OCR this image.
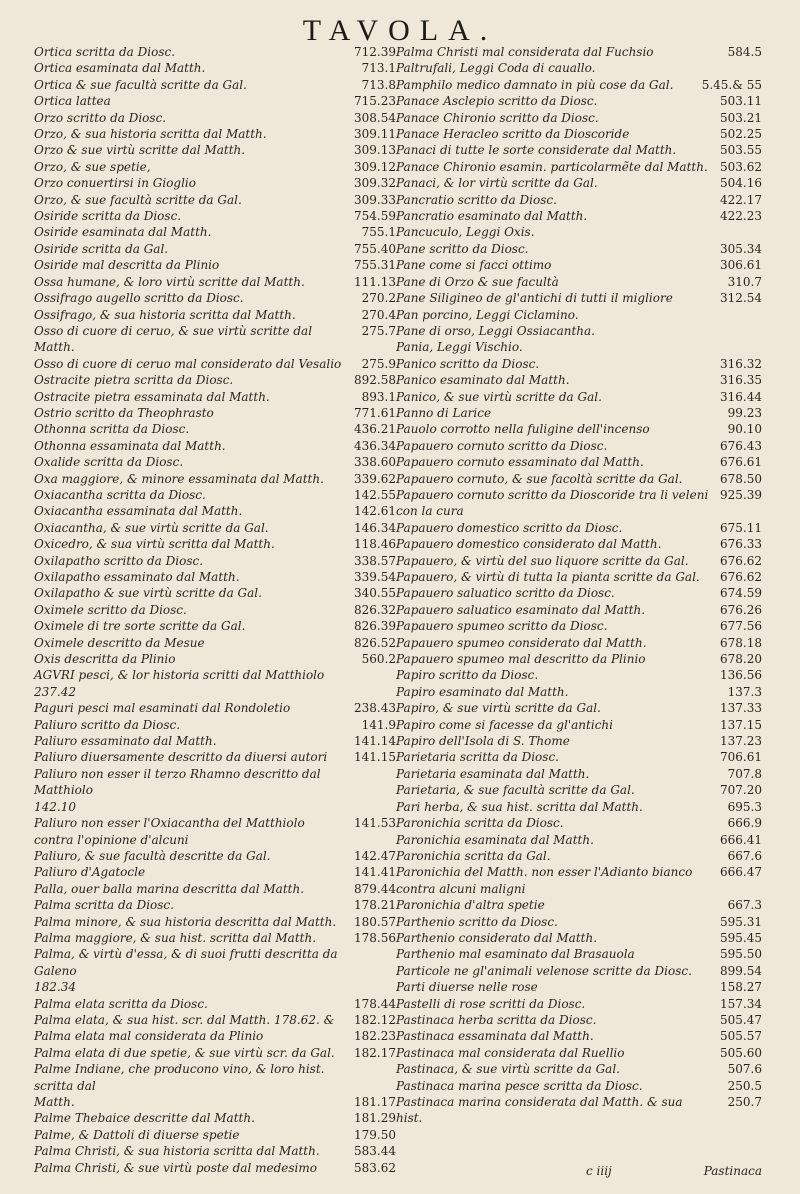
TAVOLA.
Ortica scritta da Diosc.	712.39
Ortica esaminata dal Matth.	713.1
Ortica & sue facultà scritte da Gal.	713.8
Ortica lattea	715.23
Orzo scritto da Diosc.	308.54
Orzo, & sua historia scritta dal Matth.	309.11
Orzo & sue virtù scritte dal Matth.	309.13
Orzo, & sue spetie,	309.12
Orzo conuertirsi in Gioglio	309.32
Orzo, & sue facultà scritte da Gal.	309.33
Osiride scritta da Diosc.	754.59
Osiride esaminata dal Matth.	755.1
Osiride scritta da Gal.	755.40
Osiride mal descritta da Plinio	755.31
Ossa humane, & loro virtù scritte dal Matth.	111.13
Ossifrago augello scritto da Diosc.	270.2
Ossifrago, & sua historia scritta dal Matth.	270.4
Osso di cuore di ceruo, & sue virtù scritte dal Matth.
275.7
Osso di cuore di ceruo mal considerato dal Vesalio	275.9
Ostracite pietra scritta da Diosc.	892.58
Ostracite pietra essaminata dal Matth.	893.1
Ostrio scritto da Theophrasto	771.61
Othonna scritta da Diosc.	436.21
Othonna essaminata dal Matth.	436.34
Oxalide scritta da Diosc.	338.60
Oxa maggiore, & minore essaminata dal Matth.	339.62
Oxiacantha scritta da Diosc.	142.55
Oxiacantha essaminata dal Matth.	142.61
Oxiacantha, & sue virtù scritte da Gal.	146.34
Oxicedro, & sua virtù scritta dal Matth.	118.46
Oxilapatho scritto da Diosc.	338.57
Oxilapatho essaminato dal Matth.	339.54
Oxilapatho & sue virtù scritte da Gal.	340.55
Oximele scritto da Diosc.	826.32
Oximele di tre sorte scritte da Gal.	826.39
Oximele descritto da Mesue	826.52
Oxis descritta da Plinio	560.2
AGVRI pesci, & lor historia scritti dal Matthiolo
237.42
Paguri pesci mal esaminati dal Rondoletio	238.43
Paliuro scritto da Diosc.	141.9
Paliuro essaminato dal Matth.	141.14
Paliuro diuersamente descritto da diuersi autori	141.15
Paliuro non esser il terzo Rhamno descritto dal Matthiolo
142.10
Paliuro non esser l'Oxiacantha del Matthiolo contra l'opinione d'alcuni
141.53
Paliuro, & sue facultà descritte da Gal.	142.47
Paliuro d'Agatocle	141.41
Palla, ouer balla marina descritta dal Matth.	879.44
Palma scritta da Diosc.	178.21
Palma minore, & sua historia descritta dal Matth.	180.57
Palma maggiore, & sua hist. scritta dal Matth.	178.56
Palma, & virtù d'essa, & di suoi frutti descritta da Galeno
182.34
Palma elata scritta da Diosc.	178.44
Palma elata, & sua hist. scr. dal Matth. 178.62. &	182.12
Palma elata mal considerata da Plinio	182.23
Palma elata di due spetie, & sue virtù scr. da Gal.	182.17
Palme Indiane, che producono vino, & loro hist. scritta dal
Matth.	181.17
Palme Thebaice descritte dal Matth.	181.29
Palme, & Dattoli di diuerse spetie	179.50
Palma Christi, & sua historia scritta dal Matth.	583.44
Palma Christi, & sue virtù poste dal medesimo	583.62
Palma Christi mal considerata dal Fuchsio	584.5
Paltrufali, Leggi Coda di cauallo.
Pamphilo medico damnato in più cose da Gal.	5.45.& 55
Panace Asclepio scritto da Diosc.	503.11
Panace Chironio scritto da Diosc.	503.21
Panace Heracleo scritto da Dioscoride	502.25
Panaci di tutte le sorte considerate dal Matth.	503.55
Panace Chironio esamin. particolarmẽte dal Matth.	503.62
Panaci, & lor virtù scritte da Gal.	504.16
Pancratio scritto da Diosc.	422.17
Pancratio esaminato dal Matth.	422.23
Pancuculo, Leggi Oxis.
Pane scritto da Diosc.	305.34
Pane come si facci ottimo	306.61
Pane di Orzo & sue facultà	310.7
Pane Siligineo de gl'antichi di tutti il migliore	312.54
Pan porcino, Leggi Ciclamino.
Pane di orso, Leggi Ossiacantha.
Pania, Leggi Vischio.
Panico scritto da Diosc.	316.32
Panico esaminato dal Matth.	316.35
Panico, & sue virtù scritte da Gal.	316.44
Panno di Larice	99.23
Pauolo corrotto nella fuligine dell'incenso	90.10
Papauero cornuto scritto da Diosc.	676.43
Papauero cornuto essaminato dal Matth.	676.61
Papauero cornuto, & sue facoltà scritte da Gal.	678.50
Papauero cornuto scritto da Dioscoride tra li veleni con la cura
925.39
Papauero domestico scritto da Diosc.	675.11
Papauero domestico considerato dal Matth.	676.33
Papauero, & virtù del suo liquore scritte da Gal.	676.62
Papauero, & virtù di tutta la pianta scritte da Gal.	676.62
Papauero saluatico scritto da Diosc.	674.59
Papauero saluatico esaminato dal Matth.	676.26
Papauero spumeo scritto da Diosc.	677.56
Papauero spumeo considerato dal Matth.	678.18
Papauero spumeo mal descritto da Plinio	678.20
Papiro scritto da Diosc.	136.56
Papiro esaminato dal Matth.	137.3
Papiro, & sue virtù scritte da Gal.	137.33
Papiro come si facesse da gl'antichi	137.15
Papiro dell'Isola di S. Thome	137.23
Parietaria scritta da Diosc.	706.61
Parietaria esaminata dal Matth.	707.8
Parietaria, & sue facultà scritte da Gal.	707.20
Pari herba, & sua hist. scritta dal Matth.	695.3
Paronichia scritta da Diosc.	666.9
Paronichia esaminata dal Matth.	666.41
Paronichia scritta da Gal.	667.6
Paronichia del Matth. non esser l'Adianto bianco contra alcuni maligni
666.47
Paronichia d'altra spetie	667.3
Parthenio scritto da Diosc.	595.31
Parthenio considerato dal Matth.	595.45
Parthenio mal esaminato dal Brasauola	595.50
Particole ne gl'animali velenose scritte da Diosc.	899.54
Parti diuerse nelle rose	158.27
Pastelli di rose scritti da Diosc.	157.34
Pastinaca herba scritta da Diosc.	505.47
Pastinaca essaminata dal Matth.	505.57
Pastinaca mal considerata dal Ruellio	505.60
Pastinaca, & sue virtù scritte da Gal.	507.6
Pastinaca marina pesce scritta da Diosc.	250.5
Pastinaca marina considerata dal Matth. & sua hist.
250.7
c iiij	Pastinaca
